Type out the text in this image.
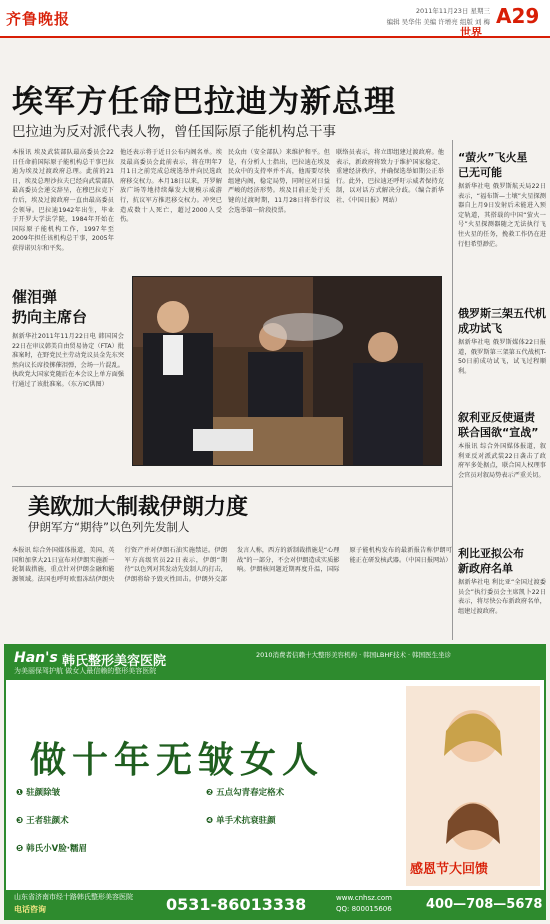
齐鲁晚报	2011年11月23日 星期三
编辑 吴华伟 美编 许增亮 组版 刘 梅 A29
世界
埃军方任命巴拉迪为新总理
巴拉迪为反对派代表人物，曾任国际原子能机构总干事
本报讯 埃及武装部队最高委员会22日任命前国际原子能机构总干事巴拉迪为埃及过渡政府总理。此前的21日，埃及总理沙拉夫已经向武装部队最高委员会递交辞呈，在穆巴拉克下台后，埃及过渡政府一直由最高委员会领导。巴拉迪1942年出生，毕业于开罗大学法学院，1984年开始在国际原子能机构工作，1997年至2009年担任该机构总干事，2005年获得诺贝尔和平奖。
他还表示将于近日公布内阁名单。埃及最高委员会此前表示，将在明年7月1日之前完成总统选举并向民选政府移交权力。本月18日以来，开罗解放广场等地持续爆发大规模示威游行，抗议军方推迟移交权力。冲突已造成数十人死亡，超过2000人受伤。
民众由（安全部队）来维护和平。但是，有分析人士指出，巴拉迪在埃及民众中的支持率并不高，他需要尽快组建内阁，稳定局势，同时应对日益严峻的经济形势。埃及目前正处于关键的过渡时期，11月28日将举行议会选举第一阶段投票。
联络员表示，将立即组建过渡政府。他表示，新政府将致力于维护国家稳定、重建经济秩序，并确保选举如期公正举行。此外，巴拉迪还呼吁示威者保持克制，以对话方式解决分歧。（编合新华社、《中国日报》网站）
催泪弹
扔向主席台
据新华社2011年11月22日电 韩国国会22日在审议韩美自由贸易协定（FTA）批准案时，在野党民主劳动党议员金先东突然向议长席投掷催泪弹，会场一片混乱。执政党大国家党随后在本会议上单方面强行通过了该批准案。（东方IC供图）
美欧加大制裁伊朗力度
伊朗军方“期待”以色列先发制人
本报讯 综合外国媒体报道，美国、英国和加拿大21日宣布对伊朗实施新一轮制裁措施，重点针对伊朗金融和能源领域。法国也呼吁欧盟冻结伊朗央行资产并对伊朗石油实施禁运。伊朗军方高级官员22日表示，伊朗“期待”以色列对其发动先发制人的打击，伊朗将给予毁灭性回击。伊朗外交部发言人称，西方的新制裁措施是“心理战”的一部分，不会对伊朗造成实质影响。伊朗核问题近期再度升温，国际原子能机构发布的最新报告称伊朗可能正在研发核武器。（中国日报网站）
“萤火”飞火星
已无可能
据新华社电 俄罗斯航天局22日表示，“福布斯—土壤”火星探测器自上月9日发射后未能进入预定轨道，其搭载的中国“萤火一号”火星探测器随之无法执行飞往火星的任务，挽救工作仍在进行但希望渺茫。
俄罗斯三架五代机
成功试飞
据新华社电 俄罗斯媒体22日报道，俄罗斯第三架第五代战机T-50日前成功试飞，试飞过程顺利。
叙利亚反使逼责
联合国欲“宣战”
本报讯 综合外国媒体报道，叙利亚反对派武装22日袭击了政府军多处据点，联合国人权理事会官员对叙局势表示严重关切。
利比亚拟公布
新政府名单
据新华社电 利比亚“全国过渡委员会”执行委员会主席凯卜22日表示，将尽快公布新政府名单，组建过渡政府。
Han's 韩氏整形美容医院
为美丽保驾护航 做女人最信赖的整形美容医院
2010消费者信赖十大整形美容机构 · 韩国LBHF技术 · 韩国医生坐诊
做十年无皱女人
❶ 驻颜除皱
❸ 王者驻颜术
❺ 韩氏小V脸·糯眉
❷ 五点勾青春定格术
❹ 单手术抗衰驻颜
感恩节大回馈
山东省济南市经十路韩氏整形美容医院
电话咨询	0531-86013338	www.cnhsz.com
QQ: 800015606	400—708—5678
